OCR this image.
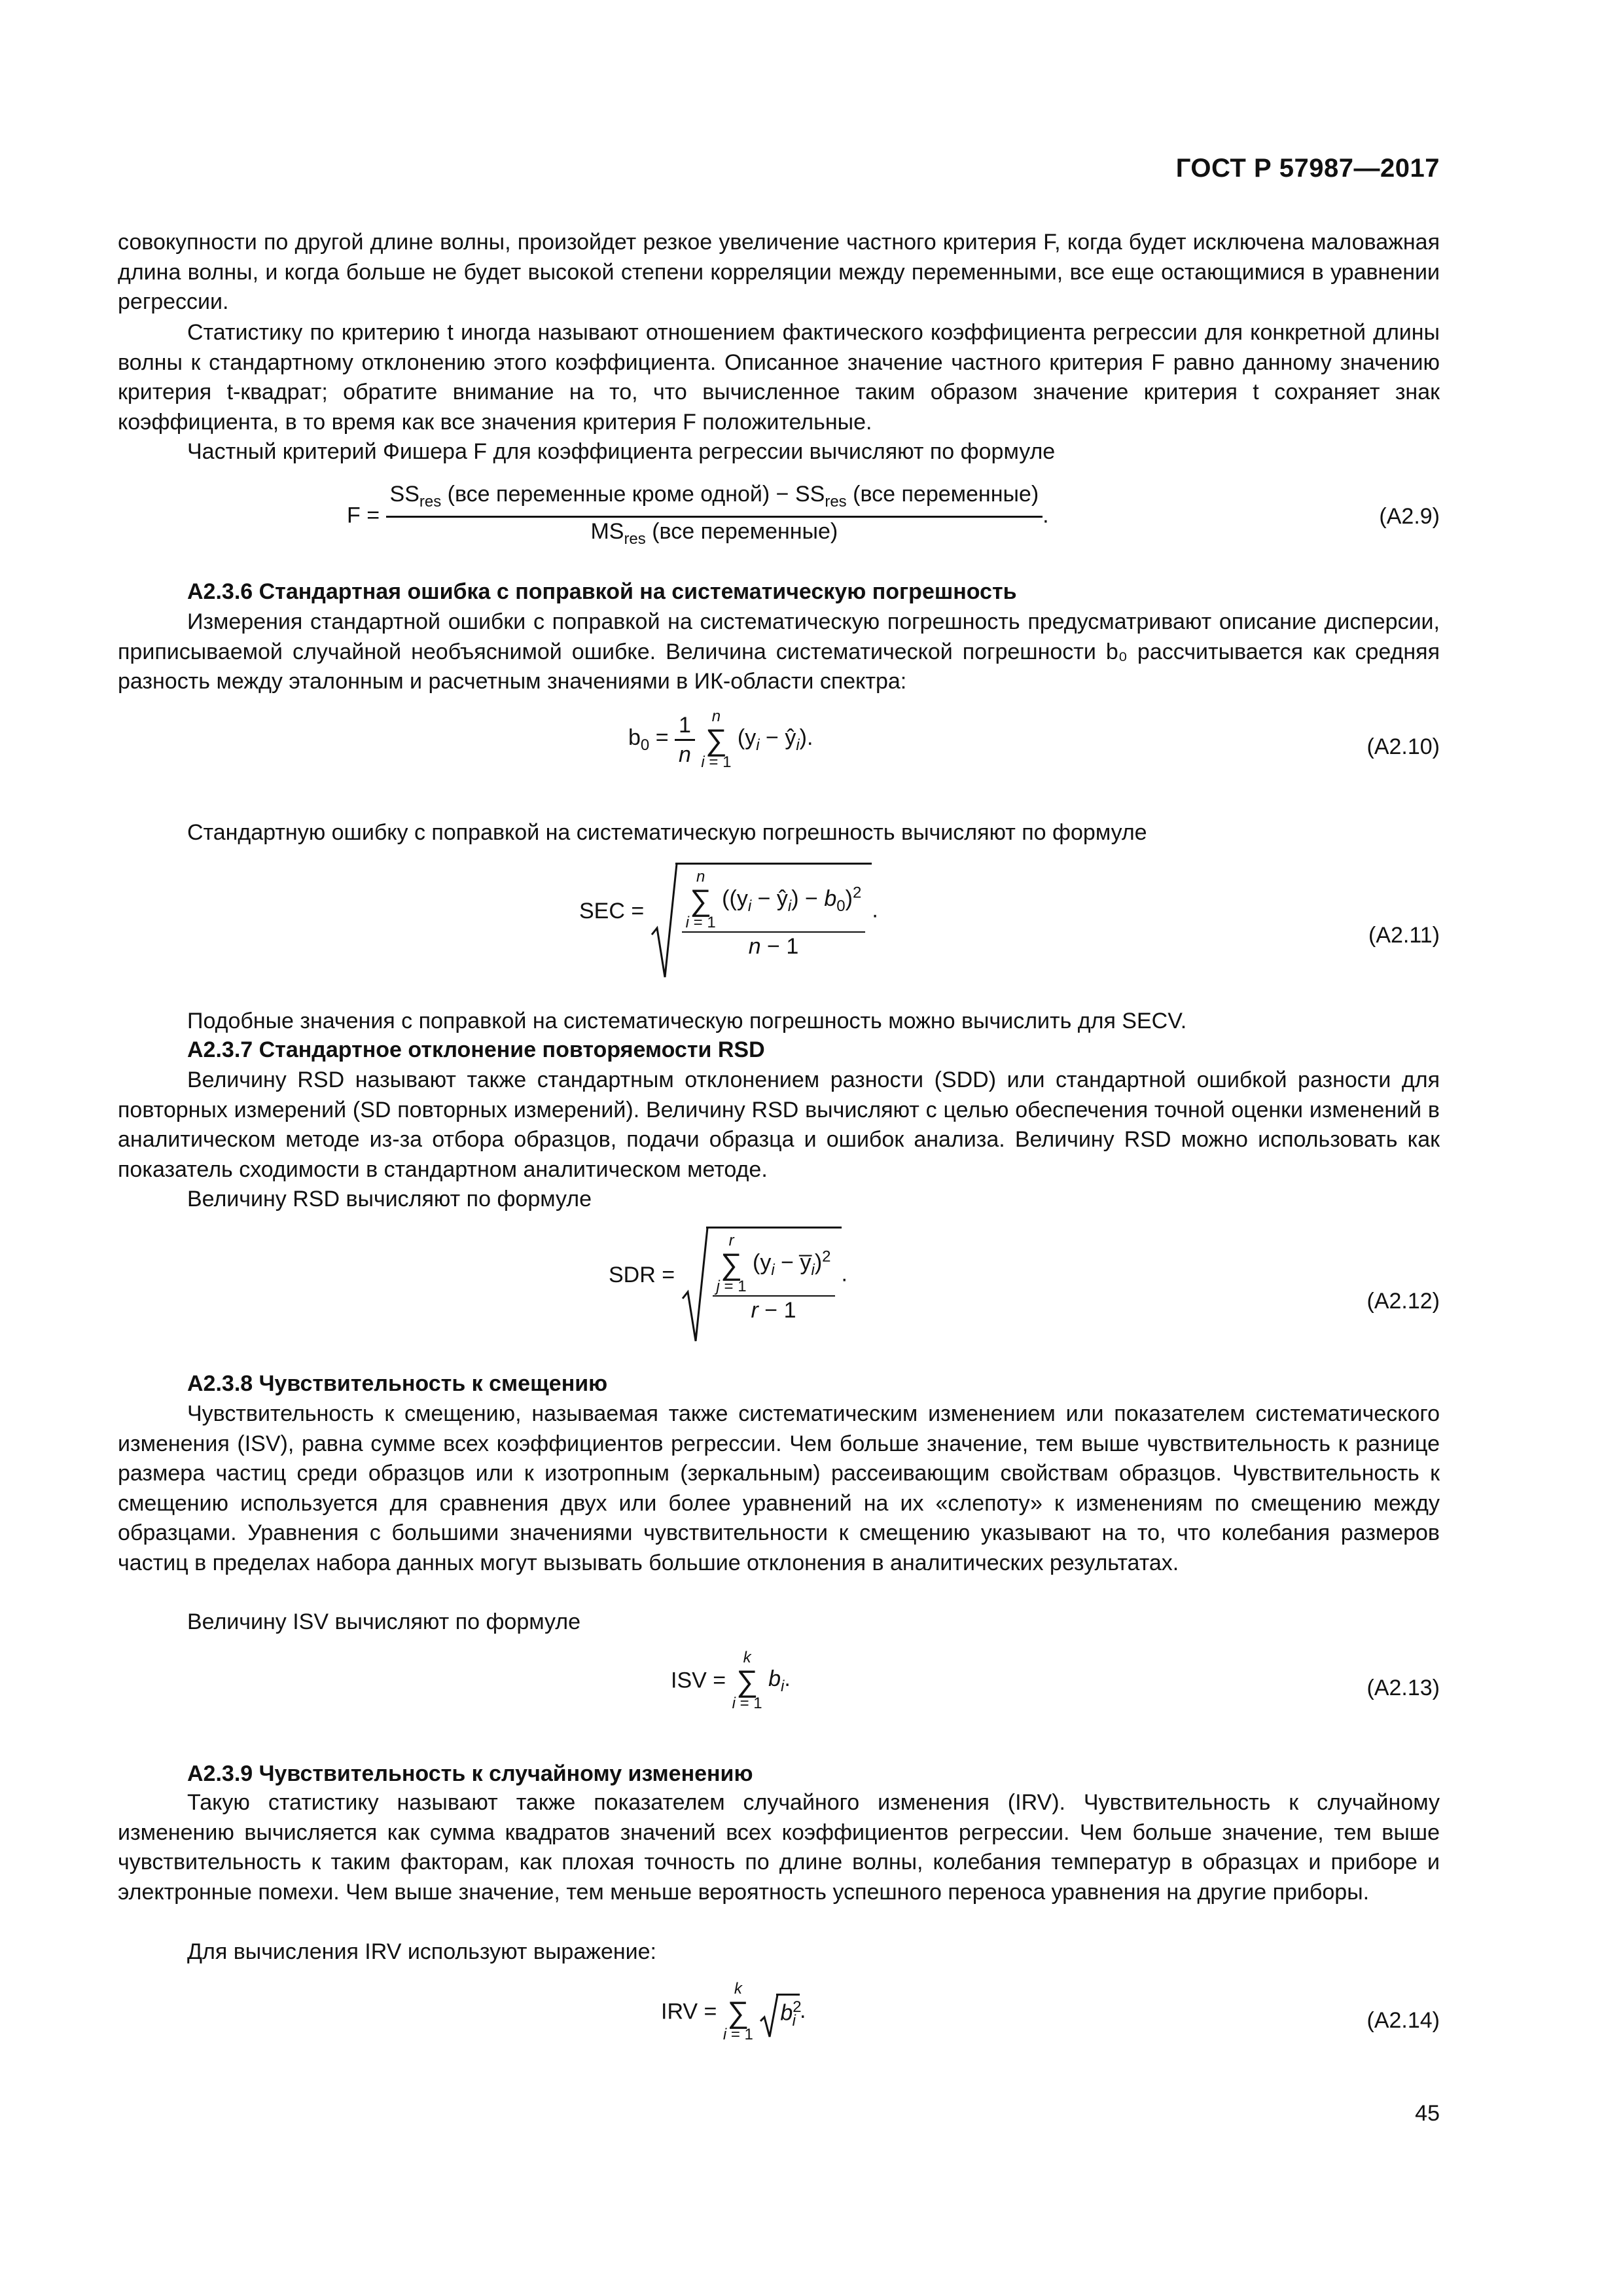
ГОСТ Р 57987—2017

совокупности по другой длине волны, произойдет резкое увеличение частного критерия F, когда будет исключена маловажная длина волны, и когда больше не будет высокой степени корреляции между переменными, все еще остающимися в уравнении регрессии.

Статистику по критерию t иногда называют отношением фактического коэффициента регрессии для конкретной длины волны к стандартному отклонению этого коэффициента. Описанное значение частного критерия F равно данному значению критерия t-квадрат; обратите внимание на то, что вычисленное таким образом значение критерия t сохраняет знак коэффициента, в то время как все значения критерия F положительные.

Частный критерий Фишера F для коэффициента регрессии вычисляют по формуле

$F = \frac{SS_{res} (все переменные кроме одной) - SS_{res} (все переменные)}{MS_{res} (все переменные)}$ .	(A2.9)

A2.3.6 Стандартная ошибка с поправкой на систематическую погрешность

Измерения стандартной ошибки с поправкой на систематическую погрешность предусматривают описание дисперсии, приписываемой случайной необъяснимой ошибке. Величина систематической погрешности b₀ рассчитывается как средняя разность между эталонным и расчетным значениями в ИК-области спектра:

$b_0 = \frac{1}{n}$
	n
∑
i = 1
($y_i$ − $ŷ_i$).	(A2.10)

Стандартную ошибку с поправкой на систематическую погрешность вычисляют по формуле

SEC = n
∑
i = 1
(($y_i$ − $ŷ_i) - b_0)^2$
n − 1 .
(A2.11)

Подобные значения с поправкой на систематическую погрешность можно вычислить для SECV.

A2.3.7 Стандартное отклонение повторяемости RSD

Величину RSD называют также стандартным отклонением разности (SDD) или стандартной ошибкой разности для повторных измерений (SD повторных измерений). Величину RSD вычисляют с целью обеспечения точной оценки изменений в аналитическом методе из-за отбора образцов, подачи образца и ошибок анализа. Величину RSD можно использовать как показатель сходимости в стандартном аналитическом методе.

Величину RSD вычисляют по формуле

SDR = r
∑
j = 1
($y_i$ − $y̅_i)^2$
r − 1 .
(A2.12)

A2.3.8 Чувствительность к смещению

Чувствительность к смещению, называемая также систематическим изменением или показателем систематического изменения (ISV), равна сумме всех коэффициентов регрессии. Чем больше значение, тем выше чувствительность к разнице размера частиц среди образцов или к изотропным (зеркальным) рассеивающим свойствам образцов. Чувствительность к смещению используется для сравнения двух или более уравнений на их «слепоту» к изменениям по смещению между образцами. Уравнения с большими значениями чувствительности к смещению указывают на то, что колебания размеров частиц в пределах набора данных могут вызывать большие отклонения в аналитических результатах.

Величину ISV вычисляют по формуле

ISV =
k
∑
i = 1
$b_i$.	(A2.13)

A2.3.9 Чувствительность к случайному изменению

Такую статистику называют также показателем случайного изменения (IRV). Чувствительность к случайному изменению вычисляется как сумма квадратов значений всех коэффициентов регрессии. Чем больше значение, тем выше чувствительность к таким факторам, как плохая точность по длине волны, колебания температур в образцах и приборе и электронные помехи. Чем выше значение, тем меньше вероятность успешного переноса уравнения на другие приборы.

Для вычисления IRV используют выражение:

IRV =
k
∑
i = 1

$b^2_i$ .	(A2.14)
45
